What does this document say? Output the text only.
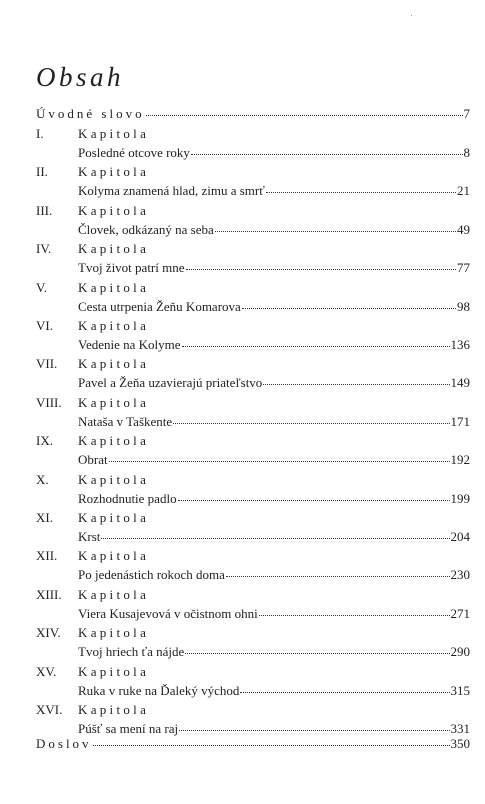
Obsah
Úvodné slovo	7
I.	Kapitola
Posledné otcove roky	8
II.	Kapitola
Kolyma znamená hlad, zimu a smrť	21
III.	Kapitola
Človek, odkázaný na seba	49
IV.	Kapitola
Tvoj život patrí mne	77
V.	Kapitola
Cesta utrpenia Žeňu Komarova	98
VI.	Kapitola
Vedenie na Kolyme	136
VII.	Kapitola
Pavel a Žeňa uzavierajú priateľstvo	149
VIII.	Kapitola
Nataša v Taškente	171
IX.	Kapitola
Obrat	192
X.	Kapitola
Rozhodnutie padlo	199
XI.	Kapitola
Krst	204
XII.	Kapitola
Po jedenástich rokoch doma	230
XIII.	Kapitola
Viera Kusajevová v očistnom ohni	271
XIV.	Kapitola
Tvoj hriech ťa nájde	290
XV.	Kapitola
Ruka v ruke na Ďaleký východ	315
XVI.	Kapitola
Púšť sa mení na raj	331
Doslov	350
